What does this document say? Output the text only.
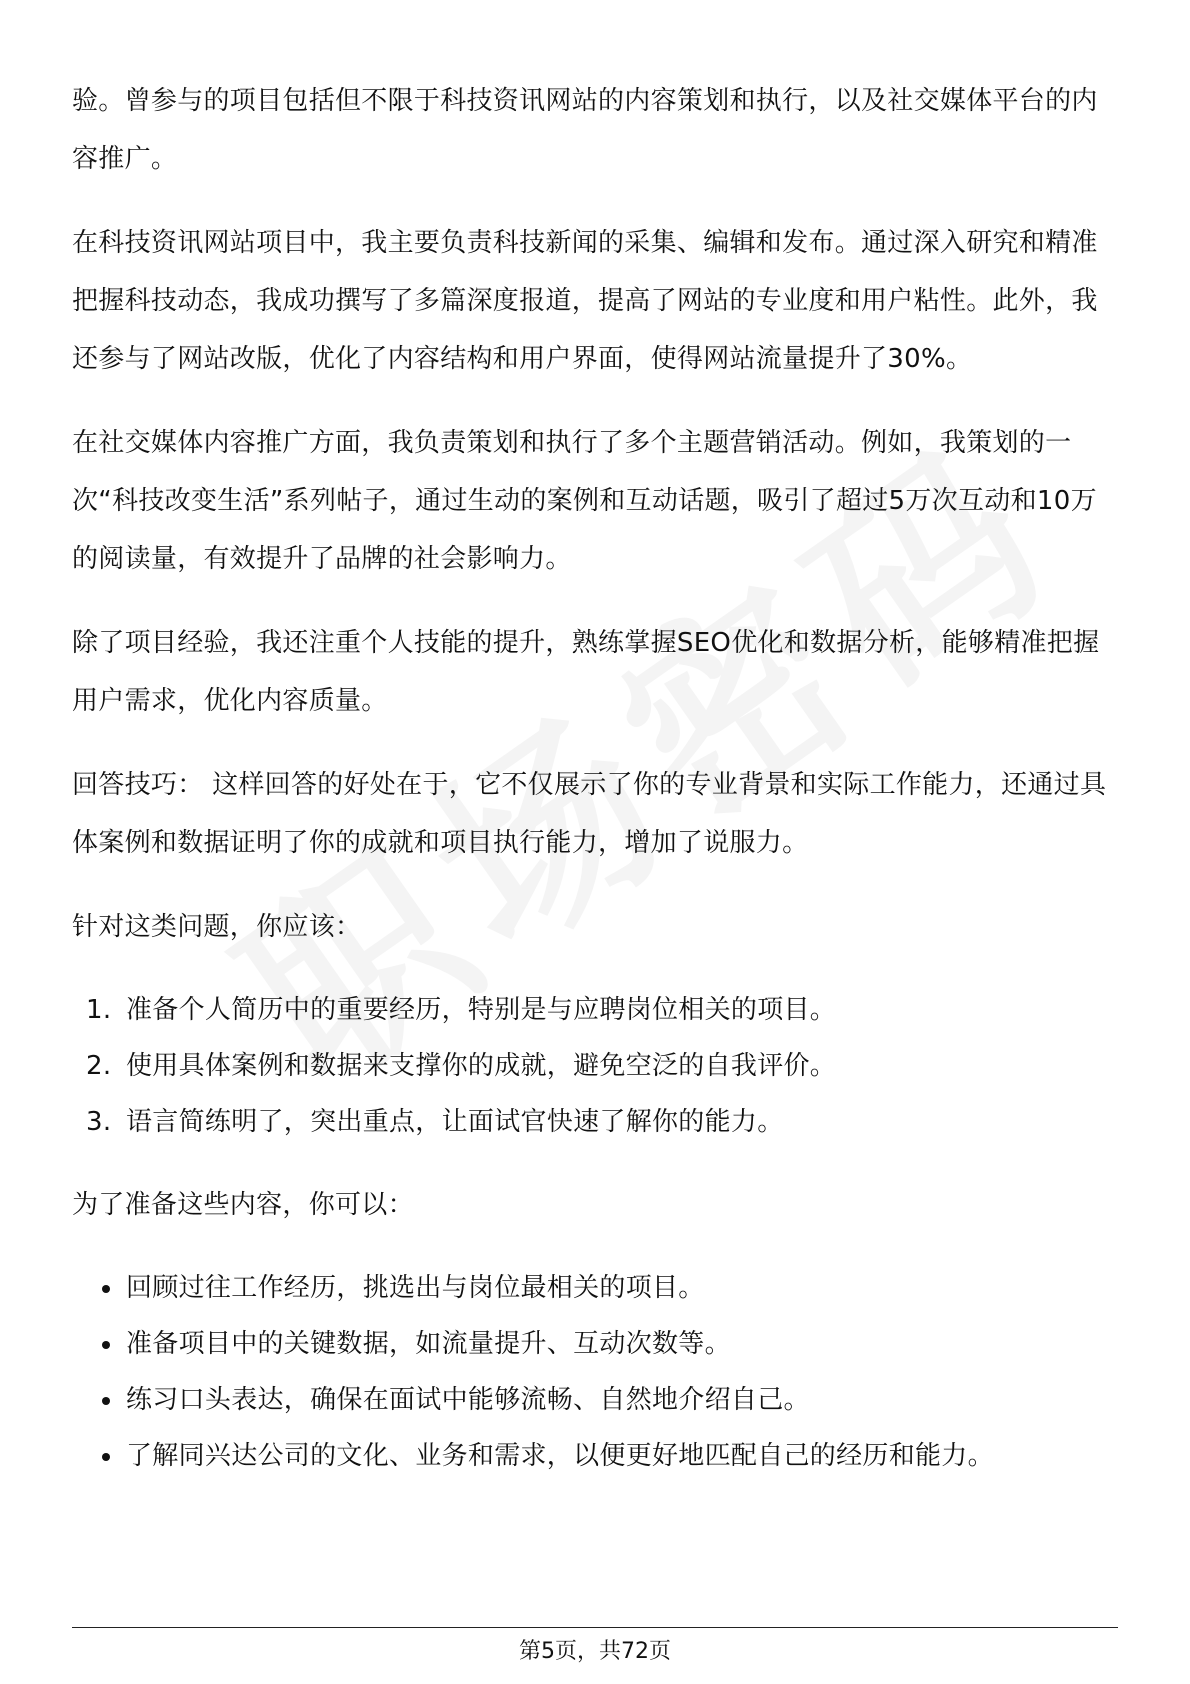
验。曾参与的项目包括但不限于科技资讯网站的内容策划和执行，以及社交媒体平台的内容推广。

在科技资讯网站项目中，我主要负责科技新闻的采集、编辑和发布。通过深入研究和精准把握科技动态，我成功撰写了多篇深度报道，提高了网站的专业度和用户粘性。此外，我还参与了网站改版，优化了内容结构和用户界面，使得网站流量提升了30%。

在社交媒体内容推广方面，我负责策划和执行了多个主题营销活动。例如，我策划的一次“科技改变生活”系列帖子，通过生动的案例和互动话题，吸引了超过5万次互动和10万的阅读量，有效提升了品牌的社会影响力。

除了项目经验，我还注重个人技能的提升，熟练掌握SEO优化和数据分析，能够精准把握用户需求，优化内容质量。

回答技巧： 这样回答的好处在于，它不仅展示了你的专业背景和实际工作能力，还通过具体案例和数据证明了你的成就和项目执行能力，增加了说服力。

针对这类问题，你应该：

1. 准备个人简历中的重要经历，特别是与应聘岗位相关的项目。
2. 使用具体案例和数据来支撑你的成就，避免空泛的自我评价。
3. 语言简练明了，突出重点，让面试官快速了解你的能力。

为了准备这些内容，你可以：

回顾过往工作经历，挑选出与岗位最相关的项目。
准备项目中的关键数据，如流量提升、互动次数等。
练习口头表达，确保在面试中能够流畅、自然地介绍自己。
了解同兴达公司的文化、业务和需求，以便更好地匹配自己的经历和能力。
第5页，共72页
